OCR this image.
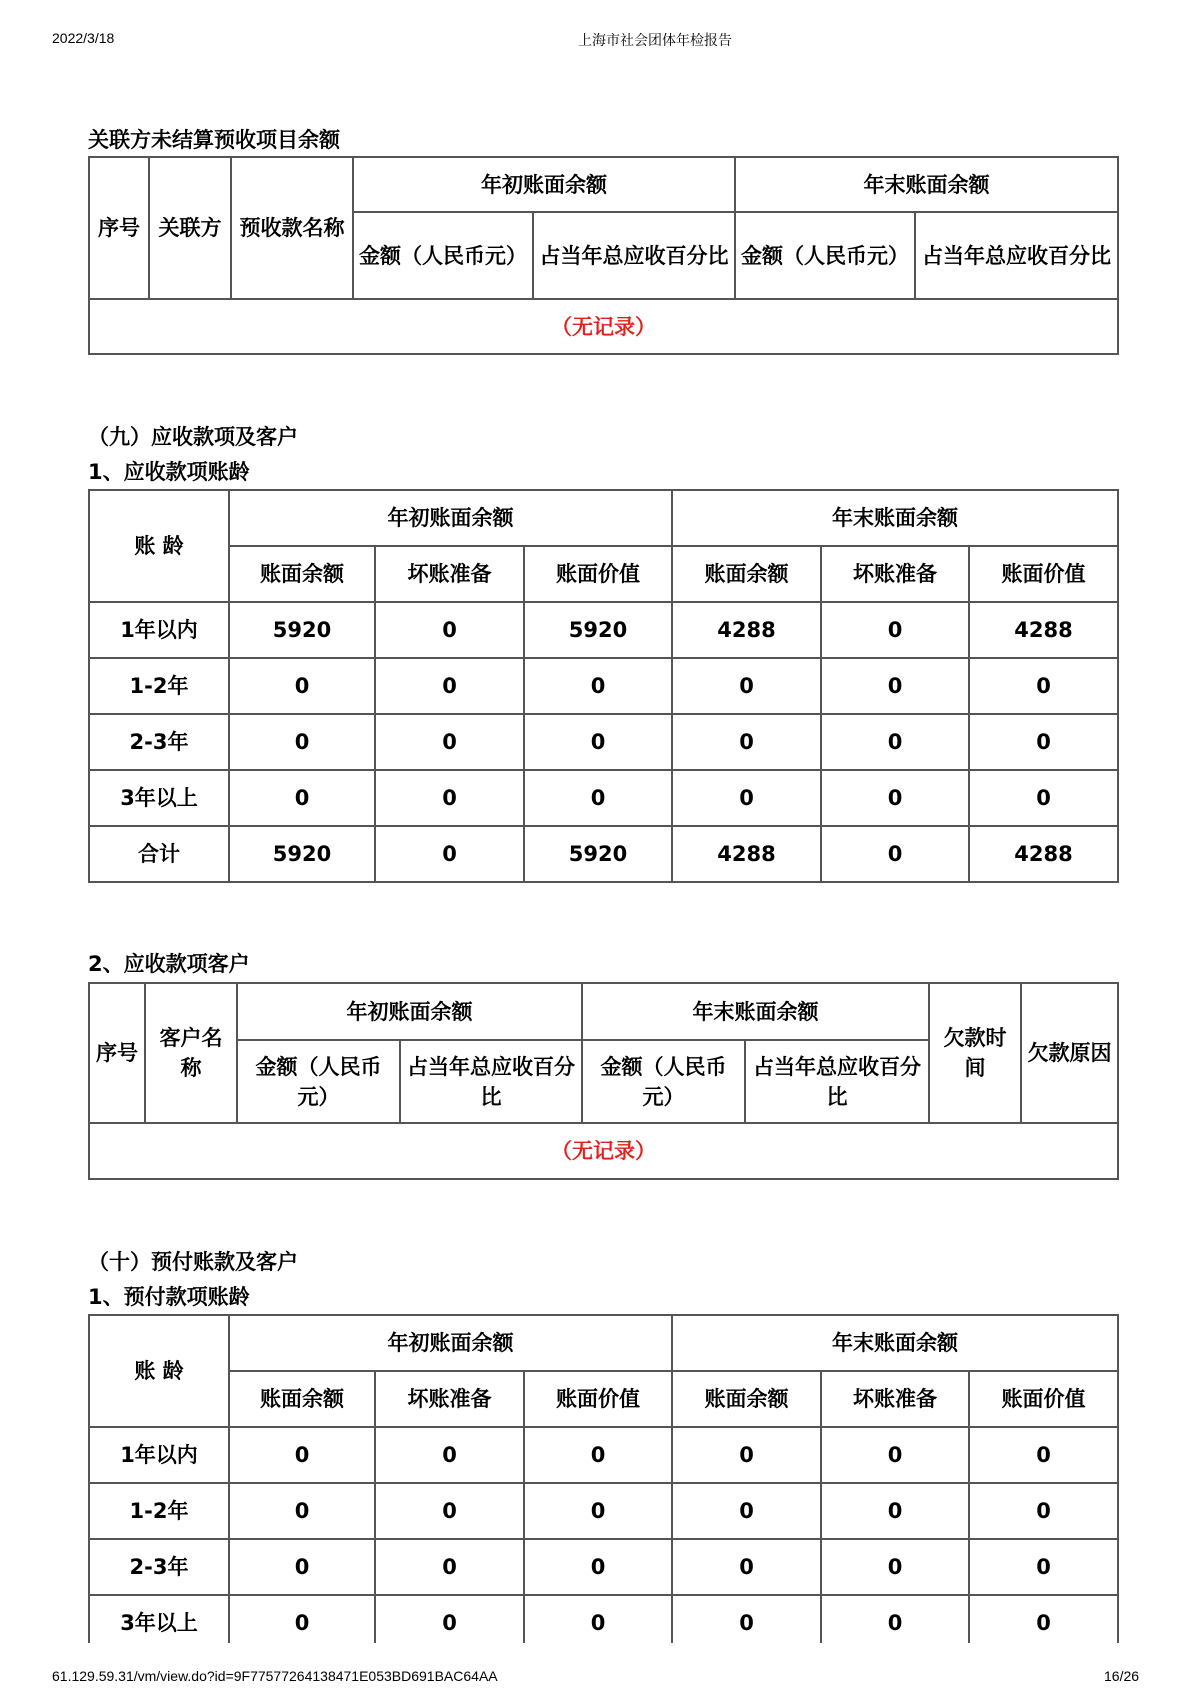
2022/3/18	上海市社会团体年检报告
关联方未结算预收项目余额
序号	关联方	预收款名称	年初账面余额		年末账面余额	
			金额（人民币元）	占当年总应收百分比	金额（人民币元）	占当年总应收百分比
（无记录）						
（九）应收款项及客户
1、应收款项账龄
账 龄	年初账面余额			年末账面余额		
	账面余额	坏账准备	账面价值	账面余额	坏账准备	账面价值
1年以内	5920	0	5920	4288	0	4288
1-2年	0	0	0	0	0	0
2-3年	0	0	0	0	0	0
3年以上	0	0	0	0	0	0
合计	5920	0	5920	4288	0	4288
2、应收款项客户
序号	客户名称	年初账面余额		年末账面余额		欠款时间	欠款原因
		金额（人民币元）	占当年总应收百分比	金额（人民币元）	占当年总应收百分比		
（无记录）							
（十）预付账款及客户
1、预付款项账龄
账 龄	年初账面余额			年末账面余额		
	账面余额	坏账准备	账面价值	账面余额	坏账准备	账面价值
1年以内	0	0	0	0	0	0
1-2年	0	0	0	0	0	0
2-3年	0	0	0	0	0	0
3年以上	0	0	0	0	0	0
61.129.59.31/vm/view.do?id=9F77577264138471E053BD691BAC64AA	16/26
